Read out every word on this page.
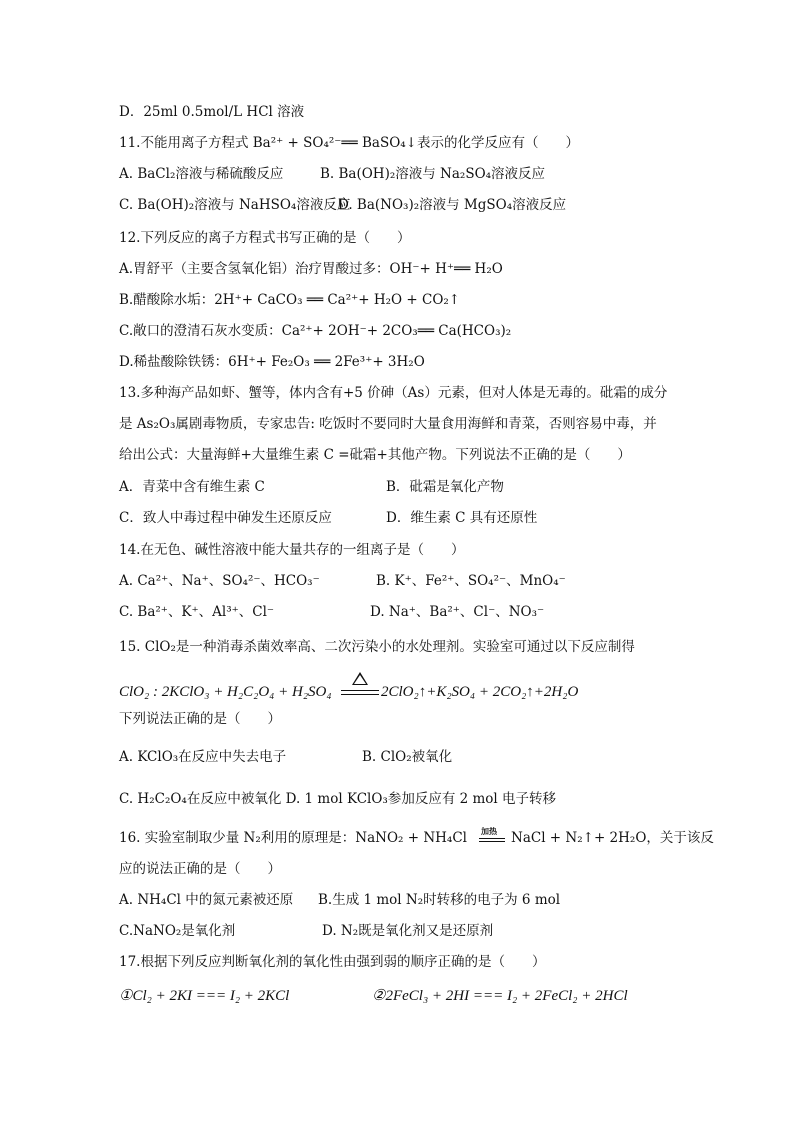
D．25ml 0.5mol/L HCl 溶液
11.不能用离子方程式 Ba²⁺ + SO₄²⁻══ BaSO₄↓表示的化学反应有（　　）
A. BaCl₂溶液与稀硫酸反应	B. Ba(OH)₂溶液与 Na₂SO₄溶液反应
C. Ba(OH)₂溶液与 NaHSO₄溶液反应
D. Ba(NO₃)₂溶液与 MgSO₄溶液反应
12.下列反应的离子方程式书写正确的是（　　）
A.胃舒平（主要含氢氧化铝）治疗胃酸过多：OH⁻+ H⁺══ H₂O
B.醋酸除水垢：2H⁺+ CaCO₃ ══ Ca²⁺+ H₂O + CO₂↑
C.敞口的澄清石灰水变质：Ca²⁺+ 2OH⁻+ 2CO₃══ Ca(HCO₃)₂
D.稀盐酸除铁锈：6H⁺+ Fe₂O₃ ══ 2Fe³⁺+ 3H₂O
13.多种海产品如虾、蟹等，体内含有+5 价砷（As）元素，但对人体是无毒的。砒霜的成分
是 As₂O₃属剧毒物质，专家忠告: 吃饭时不要同时大量食用海鲜和青菜，否则容易中毒，并
给出公式：大量海鲜+大量维生素 C =砒霜+其他产物。下列说法不正确的是（　　）
A．青菜中含有维生素 C	B．砒霜是氧化产物
C．致人中毒过程中砷发生还原反应	D．维生素 C 具有还原性
14.在无色、碱性溶液中能大量共存的一组离子是（　　）
A. Ca²⁺、Na⁺、SO₄²⁻、HCO₃⁻	B. K⁺、Fe²⁺、SO₄²⁻、MnO₄⁻
C. Ba²⁺、K⁺、Al³⁺、Cl⁻	D. Na⁺、Ba²⁺、Cl⁻、NO₃⁻
15. ClO₂是一种消毒杀菌效率高、二次污染小的水处理剂。实验室可通过以下反应制得
ClO₂ : 2KClO₃ + H₂C₂O₄ + H₂SO₄	2ClO₂↑+K₂SO₄ + 2CO₂↑+2H₂O
下列说法正确的是（　　）
A. KClO₃在反应中失去电子	B. ClO₂被氧化
C. H₂C₂O₄在反应中被氧化 D. 1 mol KClO₃参加反应有 2 mol 电子转移
16. 实验室制取少量 N₂利用的原理是：NaNO₂ + NH₄Cl 加热 NaCl + N₂↑+ 2H₂O，关于该反
应的说法正确的是（　　）
A. NH₄Cl 中的氮元素被还原 B.生成 1 mol N₂时转移的电子为 6 mol
C.NaNO₂是氧化剂	D. N₂既是氧化剂又是还原剂
17.根据下列反应判断氧化剂的氧化性由强到弱的顺序正确的是（　　）
①Cl₂ + 2KI === I₂ + 2KCl	②2FeCl₃ + 2HI === I₂ + 2FeCl₂ + 2HCl
